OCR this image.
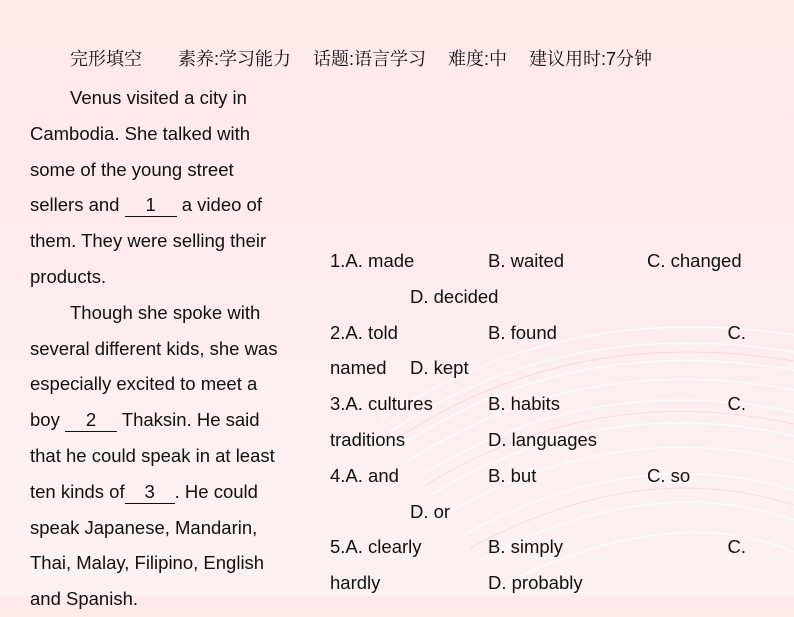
完形填空 素养:学习能力 话题:语言学习 难度:中 建议用时:7分钟

Venus visited a city in
Cambodia. She talked with
some of the young street
sellers and 1 a video of
them. They were selling their
products.

Though she spoke with
several different kids, she was
especially excited to meet a
boy 2 Thaksin. He said
that he could speak in at least
ten kinds of 3 . He could
speak Japanese, Mandarin,
Thai, Malay, Filipino, English
and Spanish.

1.A. made	B. waited	C. changed
D. decided
2.A. told	B. found	C.
named D. kept
3.A. cultures	B. habits	C.
traditions	D. languages
4.A. and	B. but	C. so
D. or
5.A. clearly	B. simply	C.
hardly	D. probably
